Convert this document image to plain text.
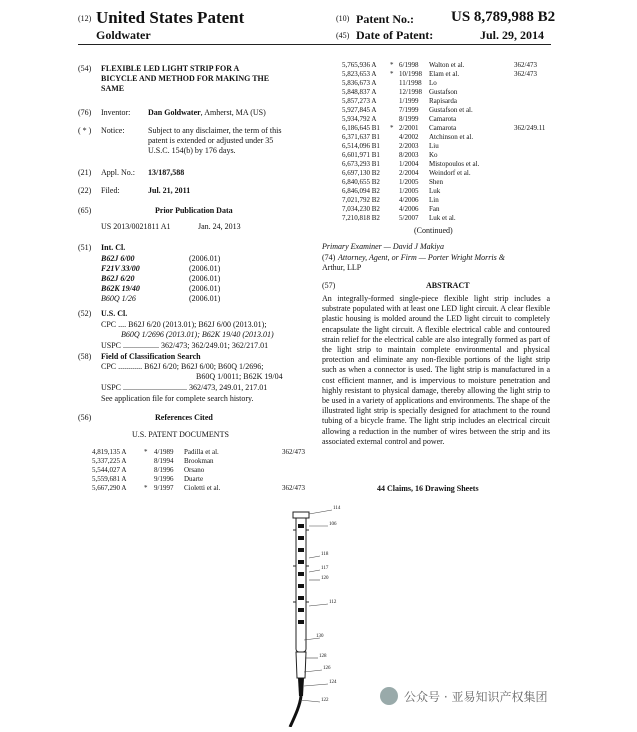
(12) United States Patent
Goldwater
(10) Patent No.: US 8,789,988 B2
(45) Date of Patent:	Jul. 29, 2014
(54) FLEXIBLE LED LIGHT STRIP FOR A
BICYCLE AND METHOD FOR MAKING THE
SAME
(76) Inventor: Dan Goldwater, Amherst, MA (US)
( * ) Notice:	Subject to any disclaimer, the term of this
patent is extended or adjusted under 35
U.S.C. 154(b) by 176 days.
(21) Appl. No.: 13/187,588
(22) Filed:	Jul. 21, 2011
(65)	Prior Publication Data
US 2013/0021811 A1	Jan. 24, 2013
(51) Int. Cl.
B62J 6/00	(2006.01)
F21V 33/00	(2006.01)
B62J 6/20	(2006.01)
B62K 19/40	(2006.01)
B60Q 1/26	(2006.01)
(52) U.S. Cl.
CPC .... B62J 6/20 (2013.01); B62J 6/00 (2013.01);
B60Q 1/2696 (2013.01); B62K 19/40 (2013.01)
USPC .................. 362/473; 362/249.01; 362/217.01
(58) Field of Classification Search
CPC ............ B62J 6/20; B62J 6/00; B60Q 1/2696;
B60Q 1/0011; B62K 19/04
USPC ................................ 362/473, 249.01, 217.01
See application file for complete search history.
(56)	References Cited
U.S. PATENT DOCUMENTS
4,819,135 A	* 4/1989	Padilla et al.	362/473
5,337,225 A	8/1994	Brookman
5,544,027 A	8/1996	Orsano
5,559,681 A	9/1996	Duarte
5,667,290 A	* 9/1997	Cioletti et al.	362/473
5,765,936 A	* 6/1998	Walton et al.	362/473
5,823,653 A	* 10/1998	Elam et al.	362/473
5,836,673 A	11/1998	Lo
5,848,837 A	12/1998	Gustafson
5,857,273 A	1/1999	Rapisarda
5,927,845 A	7/1999	Gustafson et al.
5,934,792 A	8/1999	Camarota
6,186,645 B1	* 2/2001	Camarota	362/249.11
6,371,637 B1	4/2002	Atchinson et al.
6,514,096 B1	2/2003	Liu
6,601,971 B1	8/2003	Ko
6,673,293 B1	1/2004	Mistopoulos et al.
6,697,130 B2	2/2004	Weindorf et al.
6,840,655 B2	1/2005	Shen
6,846,094 B2	1/2005	Luk
7,021,792 B2	4/2006	Lin
7,034,230 B2	4/2006	Fan
7,210,818 B2	5/2007	Luk et al.
(Continued)
Primary Examiner — David J Makiya
(74) Attorney, Agent, or Firm — Porter Wright Morris &
Arthur, LLP
(57)	ABSTRACT
An integrally-formed single-piece flexible light strip includes a substrate populated with at least one LED light circuit. A clear flexible plastic housing is molded around the LED light circuit to completely encapsulate the light circuit. A flexible electrical cable and contoured strain relief for the electrical cable are also integrally formed as part of the light strip to maintain complete environmental and physical protection and eliminate any non-flexible portions of the light strip such as when a connector is used. The light strip is manufactured in a cost efficient manner, and is impervious to moisture penetration and highly resistant to physical damage, thereby allowing the light strip to be used in a variety of applications and environments. The shape of the illustrated light strip is specially designed for attachment to the round tubing of a bicycle frame. The light strip includes an electrical circuit allowing a reduction in the number of wires between the strip and its associated external control and power.
44 Claims, 16 Drawing Sheets
114
106
118
117
120
112
130
128
126
124
122	公众号 · 亚易知识产权集团
